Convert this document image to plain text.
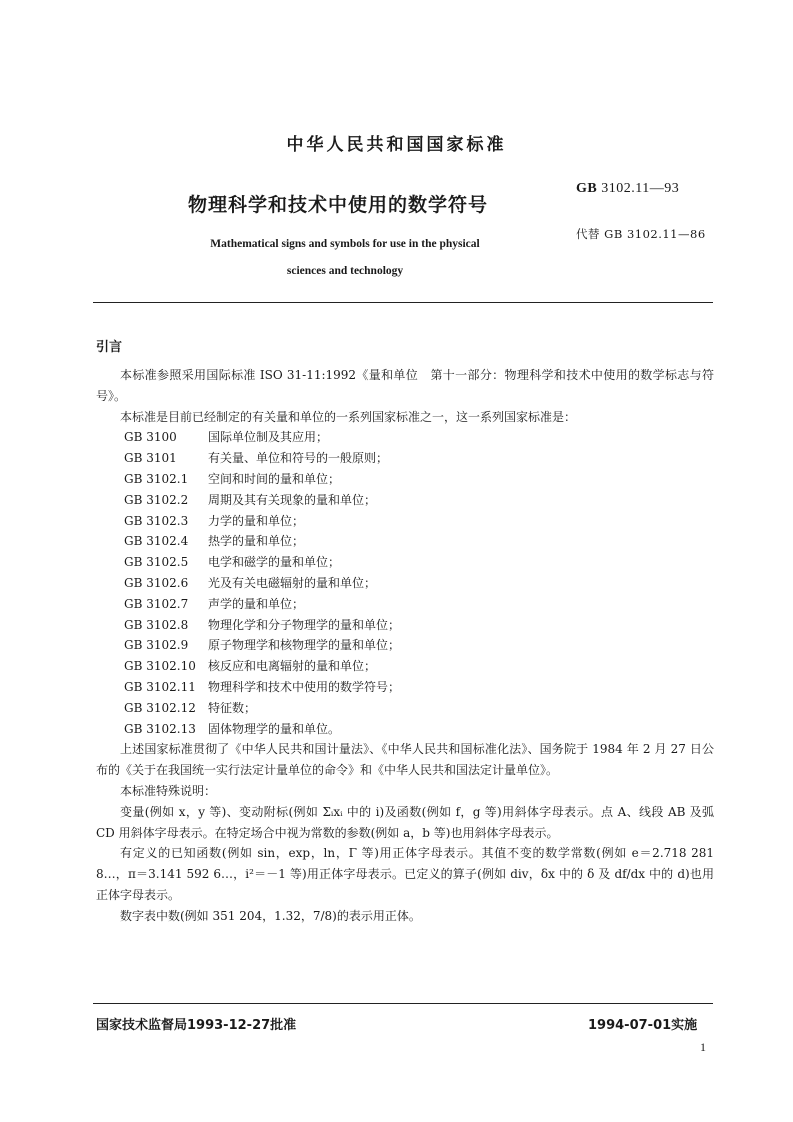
中华人民共和国国家标准
物理科学和技术中使用的数学符号
GB 3102.11—93
Mathematical signs and symbols for use in the physical
sciences and technology
代替 GB 3102.11—86
引言

本标准参照采用国际标准 ISO 31-11:1992《量和单位　第十一部分：物理科学和技术中使用的数学标志与符号》。

本标准是目前已经制定的有关量和单位的一系列国家标准之一，这一系列国家标准是：

GB 3100	国际单位制及其应用；
GB 3101	有关量、单位和符号的一般原则；
GB 3102.1 空间和时间的量和单位；
GB 3102.2 周期及其有关现象的量和单位；
GB 3102.3 力学的量和单位；
GB 3102.4 热学的量和单位；
GB 3102.5 电学和磁学的量和单位；
GB 3102.6 光及有关电磁辐射的量和单位；
GB 3102.7 声学的量和单位；
GB 3102.8 物理化学和分子物理学的量和单位；
GB 3102.9 原子物理学和核物理学的量和单位；
GB 3102.10 核反应和电离辐射的量和单位；
GB 3102.11 物理科学和技术中使用的数学符号；
GB 3102.12 特征数；
GB 3102.13 固体物理学的量和单位。

上述国家标准贯彻了《中华人民共和国计量法》、《中华人民共和国标准化法》、国务院于 1984 年 2 月 27 日公布的《关于在我国统一实行法定计量单位的命令》和《中华人民共和国法定计量单位》。

本标准特殊说明：

变量(例如 x，y 等)、变动附标(例如 Σᵢxᵢ 中的 i)及函数(例如 f，g 等)用斜体字母表示。点 A、线段 AB 及弧 CD 用斜体字母表示。在特定场合中视为常数的参数(例如 a，b 等)也用斜体字母表示。

有定义的已知函数(例如 sin，exp，ln，Γ 等)用正体字母表示。其值不变的数学常数(例如 e＝2.718 281 8…，π＝3.141 592 6…，i²＝－1 等)用正体字母表示。已定义的算子(例如 div，δx 中的 δ 及 df/dx 中的 d)也用正体字母表示。

数字表中数(例如 351 204，1.32，7/8)的表示用正体。

国家技术监督局1993-12-27批准	1994-07-01实施
1
